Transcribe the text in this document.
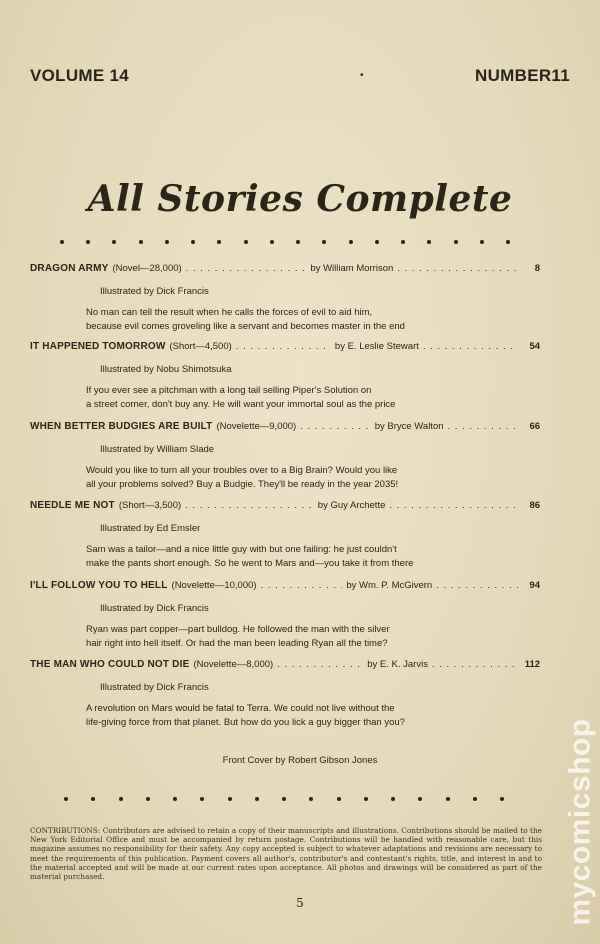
VOLUME 14	•	NUMBER11
All Stories Complete
DRAGON ARMY (Novel—28,000) . . .	by William Morrison . . .	8
Illustrated by Dick Francis
No man can tell the result when he calls the forces of evil to aid him,
because evil comes groveling like a servant and becomes master in the end
IT HAPPENED TOMORROW (Short—4,500) . . .	by E. Leslie Stewart . . .	54
Illustrated by Nobu Shimotsuka
If you ever see a pitchman with a long tail selling Piper's Solution on
a street corner, don't buy any. He will want your immortal soul as the price
WHEN BETTER BUDGIES ARE BUILT (Novelette—9,000) . . .	by Bryce Walton . . .	66
Illustrated by William Slade
Would you like to turn all your troubles over to a Big Brain? Would you like
all your problems solved? Buy a Budgie. They'll be ready in the year 2035!
NEEDLE ME NOT (Short—3,500) . . .	by Guy Archette . . .	86
Illustrated by Ed Emsler
Sam was a tailor—and a nice little guy with but one failing: he just couldn't
make the pants short enough. So he went to Mars and—you take it from there
I'LL FOLLOW YOU TO HELL (Novelette—10,000) . . .	by Wm. P. McGivern . . .	94
Illustrated by Dick Francis
Ryan was part copper—part bulldog. He followed the man with the silver
hair right into hell itself. Or had the man been leading Ryan all the time?
THE MAN WHO COULD NOT DIE (Novelette—8,000) . . .	by E. K. Jarvis . . .	112
Illustrated by Dick Francis
A revolution on Mars would be fatal to Terra. We could not live without the
life-giving force from that planet. But how do you lick a guy bigger than you?
Front Cover by Robert Gibson Jones
CONTRIBUTIONS: Contributors are advised to retain a copy of their manuscripts and illustrations. Contributions should be mailed to the New York Editorial Office and must be accompanied by return postage. Contributions will be handled with reasonable care, but this magazine assumes no responsibility for their safety. Any copy accepted is subject to whatever adaptations and revisions are necessary to meet the requirements of this publication. Payment covers all author's, contributor's and contestant's rights, title, and interest in and to the material accepted and will be made at our current rates upon acceptance. All photos and drawings will be considered as part of the material purchased.
5	mycomicshop
